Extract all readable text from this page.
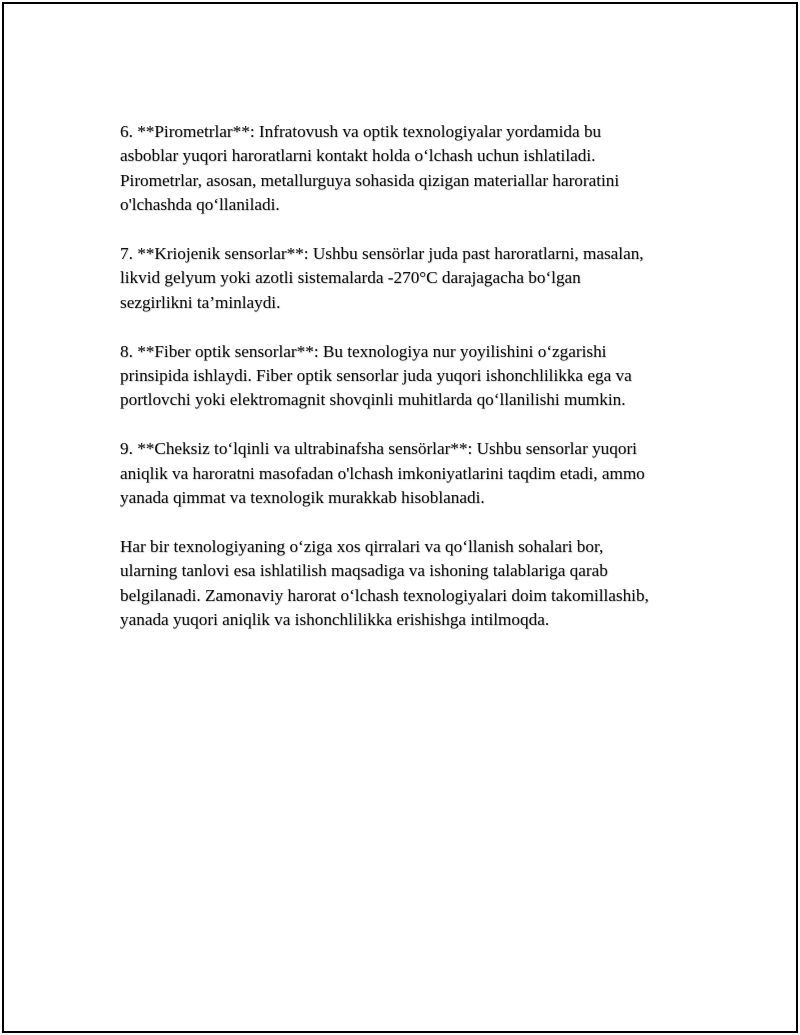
6. **Pirometrlar**: Infratovush va optik texnologiyalar yordamida bu
asboblar yuqori haroratlarni kontakt holda o‘lchash uchun ishlatiladi.
Pirometrlar, asosan, metallurguya sohasida qizigan materiallar haroratini
o'lchashda qo‘llaniladi.

7. **Kriojenik sensorlar**: Ushbu sensörlar juda past haroratlarni, masalan,
likvid gelyum yoki azotli sistemalarda -270°C darajagacha bo‘lgan
sezgirlikni ta’minlaydi.

8. **Fiber optik sensorlar**: Bu texnologiya nur yoyilishini o‘zgarishi
prinsipida ishlaydi. Fiber optik sensorlar juda yuqori ishonchlilikka ega va
portlovchi yoki elektromagnit shovqinli muhitlarda qo‘llanilishi mumkin.

9. **Cheksiz to‘lqinli va ultrabinafsha sensörlar**: Ushbu sensorlar yuqori
aniqlik va haroratni masofadan o'lchash imkoniyatlarini taqdim etadi, ammo
yanada qimmat va texnologik murakkab hisoblanadi.

Har bir texnologiyaning o‘ziga xos qirralari va qo‘llanish sohalari bor,
ularning tanlovi esa ishlatilish maqsadiga va ishoning talablariga qarab
belgilanadi. Zamonaviy harorat o‘lchash texnologiyalari doim takomillashib,
yanada yuqori aniqlik va ishonchlilikka erishishga intilmoqda.
